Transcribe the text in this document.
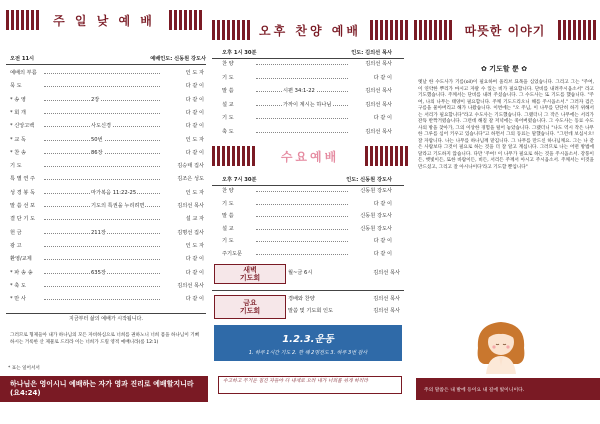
주 일 낮 예 배
오전 11시	예배인도: 신동원 강도사
예배의 부름	인 도 자
묵 도	다 같 이
* 송 영	2장	다 같 이
* 회 개	다 같 이
* 신앙고백	사도신경	다 같 이
* 교 독	50번	인 도 자
* 찬 송	86장	다 같 이
기 도	김승태 집사
특 별 연 주	김조은 성도
성 경 봉 독	마가복음 11:22-25	인 도 자
말 씀 선 포	기도의 특권을 누리려면	김의선 목사
결 단 기 도	설 교 자
헌 금	211장	김명선 집사
광 고	인 도 자
환영/교제	다 같 이
* 파 송 송	635장	다 같 이
* 축 도	김의선 목사
* 만 사	다 같 이
지금부터 삶의 예배가 시작됩니다.
그러므로 형제들아 내가 하나님의 모든 자비하심으로 너희를 권하노니 너희 몸을 하나님이 기뻐하시는 거룩한 산 제물로 드리라 이는 너희가 드릴 영적 예배니라(롬 12:1)
* 표는 일어서서
하나님은 영이시니 예배하는 자가 영과 진리로 예배할지니라 (요4:24)
오후 찬양 예배
오후 1시 30분	인도: 김의선 목사
찬 양	김의선 목사
기 도	다 같 이
말 씀	시편 34:1-22	김의선 목사
설 교	가까이 계시는 하나님	김의선 목사
기 도	다 같 이
축 도	김의선 목사
수요예배
오후 7시 30분	인도: 신동원 강도사
찬 양	신동원 강도사
기 도	다 같 이
말 씀	신동원 강도사
설 교	신동원 강도사
기 도	다 같 이
주기도문	다 같 이
새벽
기도회
월~금 6시	김의선 목사
금요
기도회
경배와 찬양	김의선 목사
말씀 및 기도회 인도	김의선 목사
1.2.3.운동
1. 하루 1시간 기도 2. 한 해 2명전도 3. 하루 3번 감사
수고하고 무거운 짐진 자들아 다 내게로 오라 내가 너희를 쉬게 하리라
따뜻한 이야기
✿ 기도할 뿐 ✿
옛날 한 수도사가 기름(oil)이 필요하여 올리브 묘목을 심었습니다. 그리고 그는 "주여, 이 연약한 뿌리가 마시고 자랄 수 있는 비가 필요합니다. 단비를 내려주시옵소서" 라고 기도했습니다. 주께서는 단비를 내려 주셨습니다. 그 수도사는 또 기도를 했습니다. "주여, 나의 나무는 태양이 필요합니다. 주께 기도드리오니 해를 주시옵소서." 그러자 검은 구름을 물아버리고 해가 나왔습니다. 이번에는 "오 주님, 이 나무를 단단히 하기 위해서는 서리가 필요합니다"라고 수도사는 기도했습니다. 그랬더니 그 작은 나무에는 서리가 잔뜩 반짝거렸습니다. 그런데 해질 갈 저녁에는 죽어버렸습니다. 그 수도사는 동료 수도사의 방을 찾아가, 그의 이상한 경험을 털어 놓았습니다. 그랬더니 "나도 역시 작은 나무 한 그루를 심어 키우고 있습니다"고 하면서 그의 동료는 말했습니다. "그런데 보십시오! 잘 자랍니다. 나는 나무를 하나님께 맡깁니다. 그 나무를 만드신 하나님께요. 그는 나 같은 사람보다 그것이 필요로 하는 것을 더 잘 알고 계십니다. 그러므로 나는 어떤 방법에 달라고 기도하지 않습니다. 다만 '주여! 이 나무가 필요로 하는 것을 주시옵소서. 강풍이든, 햇빛이든, 또한 바람이든, 비든, 서리든 주께서 아시고 주시옵소서. 주께서는 이것을 만드셨고, 그리고 잘 아시나이다'라고 기도할 뿐입니다"
주의 말씀은 내 발에 등이요 내 길에 빛이니이다.
